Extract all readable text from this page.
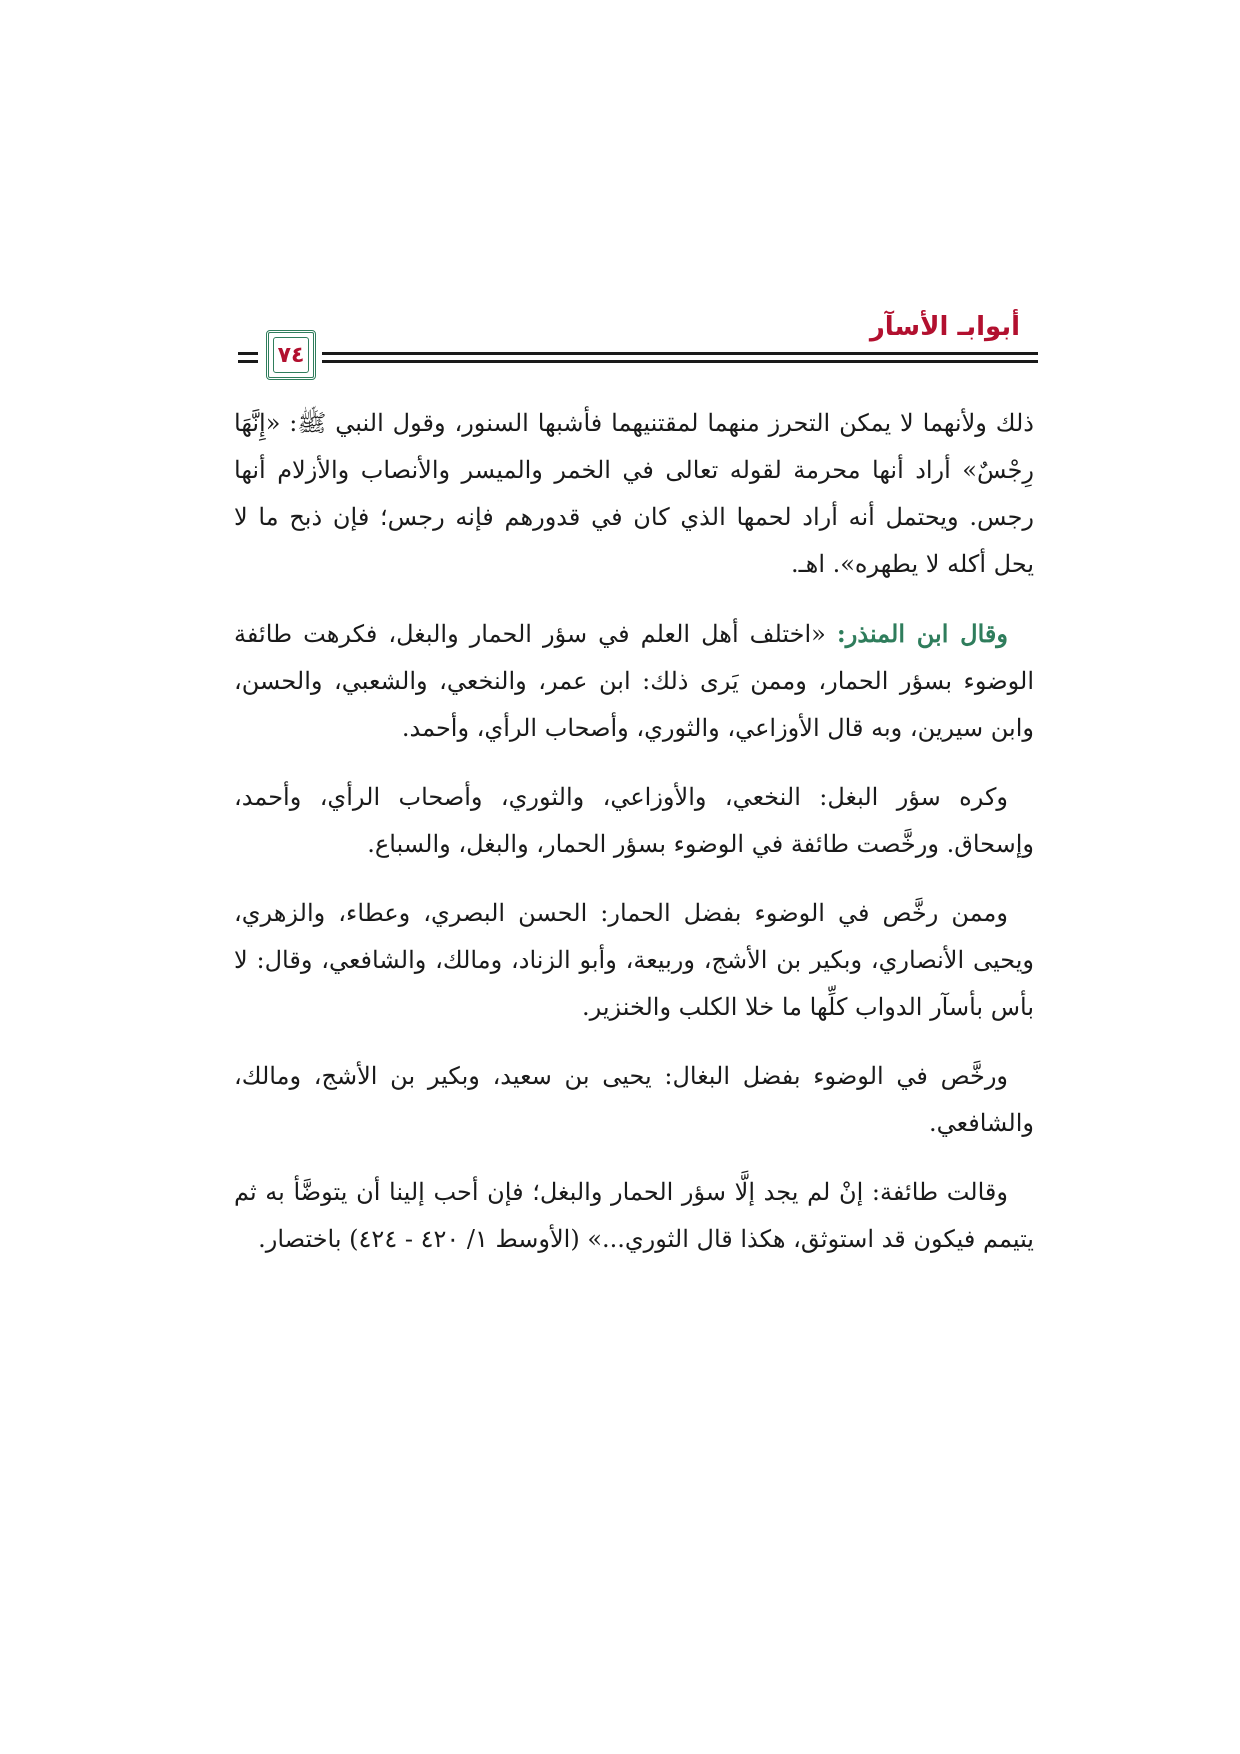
٧٤
أبوابـ الأسآر

ذلك ولأنهما لا يمكن التحرز منهما لمقتنيهما فأشبها السنور، وقول النبي ﷺ: «إِنَّهَا رِجْسٌ» أراد أنها محرمة لقوله تعالى في الخمر والميسر والأنصاب والأزلام أنها رجس. ويحتمل أنه أراد لحمها الذي كان في قدورهم فإنه رجس؛ فإن ذبح ما لا يحل أكله لا يطهره». اهـ.

وقال ابن المنذر: «اختلف أهل العلم في سؤر الحمار والبغل، فكرهت طائفة الوضوء بسؤر الحمار، وممن يَرى ذلك: ابن عمر، والنخعي، والشعبي، والحسن، وابن سيرين، وبه قال الأوزاعي، والثوري، وأصحاب الرأي، وأحمد.

وكره سؤر البغل: النخعي، والأوزاعي، والثوري، وأصحاب الرأي، وأحمد، وإسحاق. ورخَّصت طائفة في الوضوء بسؤر الحمار، والبغل، والسباع.

وممن رخَّص في الوضوء بفضل الحمار: الحسن البصري، وعطاء، والزهري، ويحيى الأنصاري، وبكير بن الأشج، وربيعة، وأبو الزناد، ومالك، والشافعي، وقال: لا بأس بأسآر الدواب كلِّها ما خلا الكلب والخنزير.

ورخَّص في الوضوء بفضل البغال: يحيى بن سعيد، وبكير بن الأشج، ومالك، والشافعي.

وقالت طائفة: إنْ لم يجد إلَّا سؤر الحمار والبغل؛ فإن أحب إلينا أن يتوضَّأ به ثم يتيمم فيكون قد استوثق، هكذا قال الثوري...» (الأوسط ١/ ٤٢٠ - ٤٢٤) باختصار.
